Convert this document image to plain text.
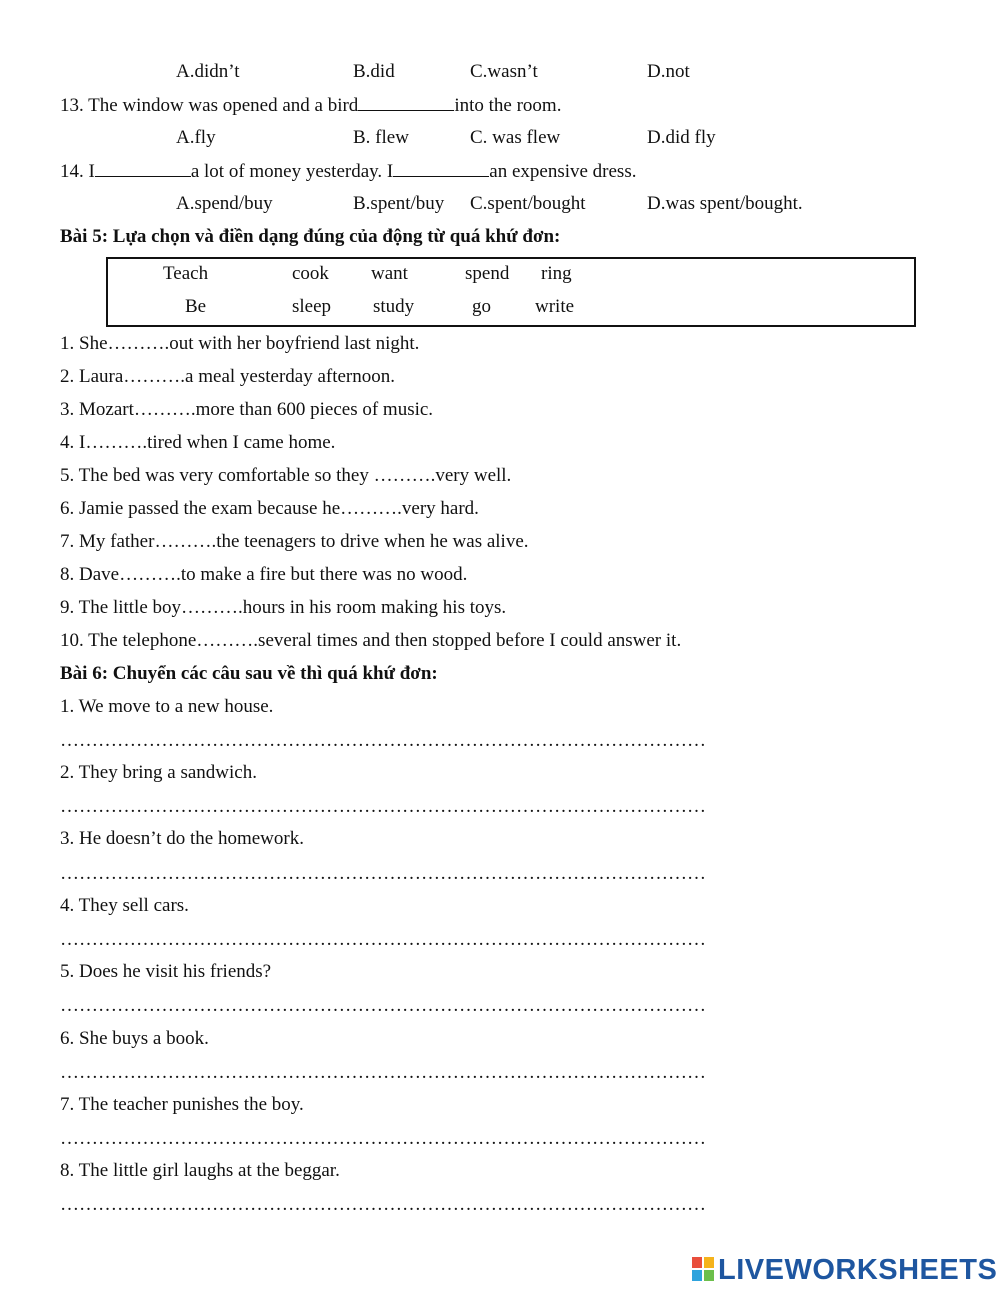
A.didn’t	B.did	C.wasn’t	D.not
13. The window was opened and a bird	into the room.
A.fly	B. flew	C. was flew	D.did fly
14. I	a lot of money yesterday. I	an expensive dress.
A.spend/buy	B.spent/buy C.spent/bought	D.was spent/bought.
Bài 5: Lựa chọn và điền dạng đúng của động từ quá khứ đơn:
Teach	cook want	spend ring
Be	sleep study	go write
1. She……….out with her boyfriend last night.
2. Laura……….a meal yesterday afternoon.
3. Mozart……….more than 600 pieces of music.
4. I……….tired when I came home.
5. The bed was very comfortable so they ……….very well.
6. Jamie passed the exam because he……….very hard.
7. My father……….the teenagers to drive when he was alive.
8. Dave……….to make a fire but there was no wood.
9. The little boy……….hours in his room making his toys.
10. The telephone……….several times and then stopped before I could answer it.
Bài 6: Chuyển các câu sau về thì quá khứ đơn:
1. We move to a new house.
…………………………………………………………………………………………
2. They bring a sandwich.
…………………………………………………………………………………………
3. He doesn’t do the homework.
…………………………………………………………………………………………
4. They sell cars.
…………………………………………………………………………………………
5. Does he visit his friends?
…………………………………………………………………………………………
6. She buys a book.
…………………………………………………………………………………………
7. The teacher punishes the boy.
…………………………………………………………………………………………
8. The little girl laughs at the beggar.
…………………………………………………………………………………………
LIVEWORKSHEETS
